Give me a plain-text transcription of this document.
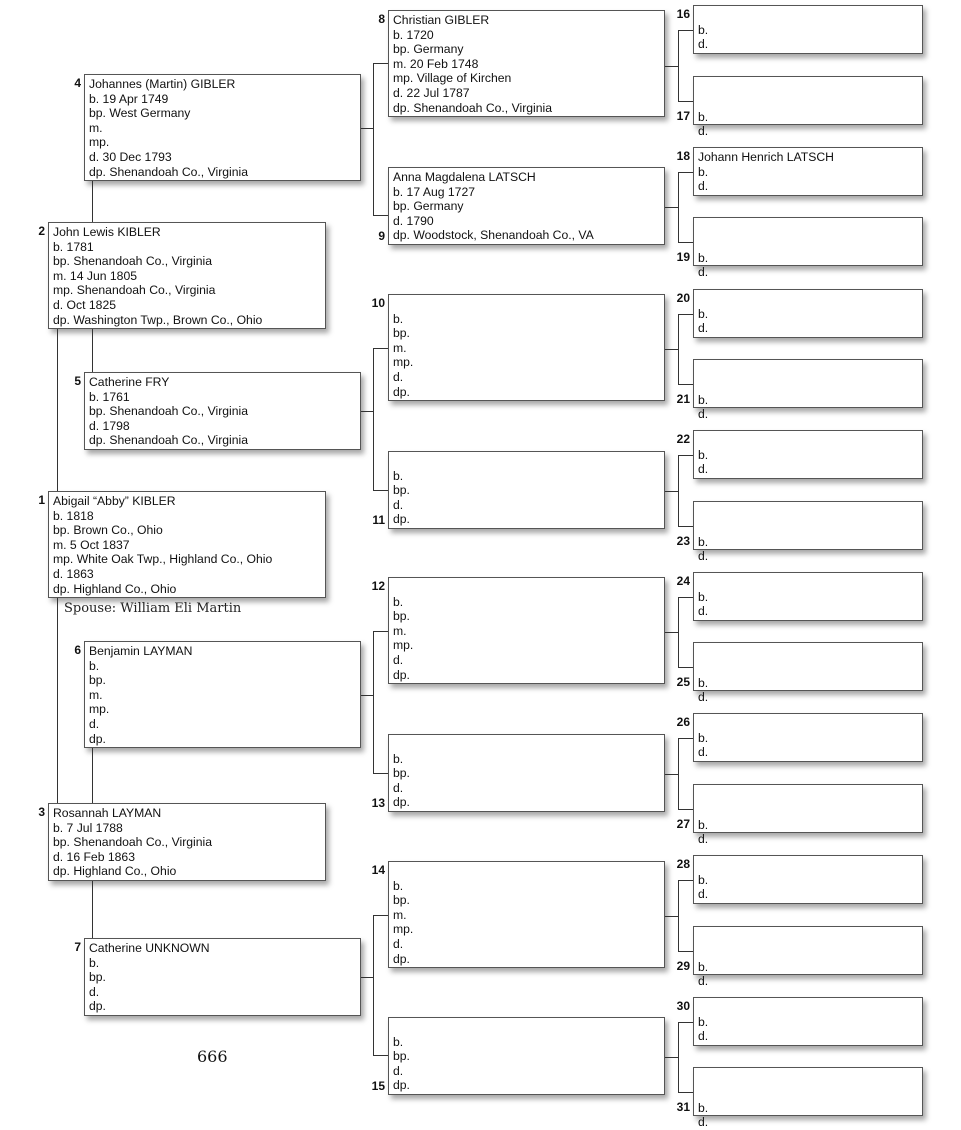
Spouse: William Eli Martin
666
Abigail “Abby” KIBLER
b. 1818
bp. Brown Co., Ohio
m. 5 Oct 1837
mp. White Oak Twp., Highland Co., Ohio
d. 1863
dp. Highland Co., Ohio
1
John Lewis KIBLER
b. 1781
bp. Shenandoah Co., Virginia
m. 14 Jun 1805
mp. Shenandoah Co., Virginia
d. Oct 1825
dp. Washington Twp., Brown Co., Ohio
2
Rosannah LAYMAN
b. 7 Jul 1788
bp. Shenandoah Co., Virginia
d. 16 Feb 1863
dp. Highland Co., Ohio
3
Johannes (Martin) GIBLER
b. 19 Apr 1749
bp. West Germany
m.
mp.
d. 30 Dec 1793
dp. Shenandoah Co., Virginia
4
Catherine FRY
b. 1761
bp. Shenandoah Co., Virginia
d. 1798
dp. Shenandoah Co., Virginia
5
Benjamin LAYMAN
b.
bp.
m.
mp.
d.
dp.
6
Catherine UNKNOWN
b.
bp.
d.
dp.
7
Christian GIBLER
b. 1720
bp. Germany
m. 20 Feb 1748
mp. Village of Kirchen
d. 22 Jul 1787
dp. Shenandoah Co., Virginia
8
Anna Magdalena LATSCH
b. 17 Aug 1727
bp. Germany
d. 1790
dp. Woodstock, Shenandoah Co., VA
9

b.
bp.
m.
mp.
d.
dp.
10

b.
bp.
d.
dp.
11

b.
bp.
m.
mp.
d.
dp.
12

b.
bp.
d.
dp.
13

b.
bp.
m.
mp.
d.
dp.
14

b.
bp.
d.
dp.
15

b.
d.
16

b.
d.
17
Johann Henrich LATSCH
b.
d.
18

b.
d.
19

b.
d.
20

b.
d.
21

b.
d.
22

b.
d.
23

b.
d.
24

b.
d.
25

b.
d.
26

b.
d.
27

b.
d.
28

b.
d.
29

b.
d.
30

b.
d.
31
